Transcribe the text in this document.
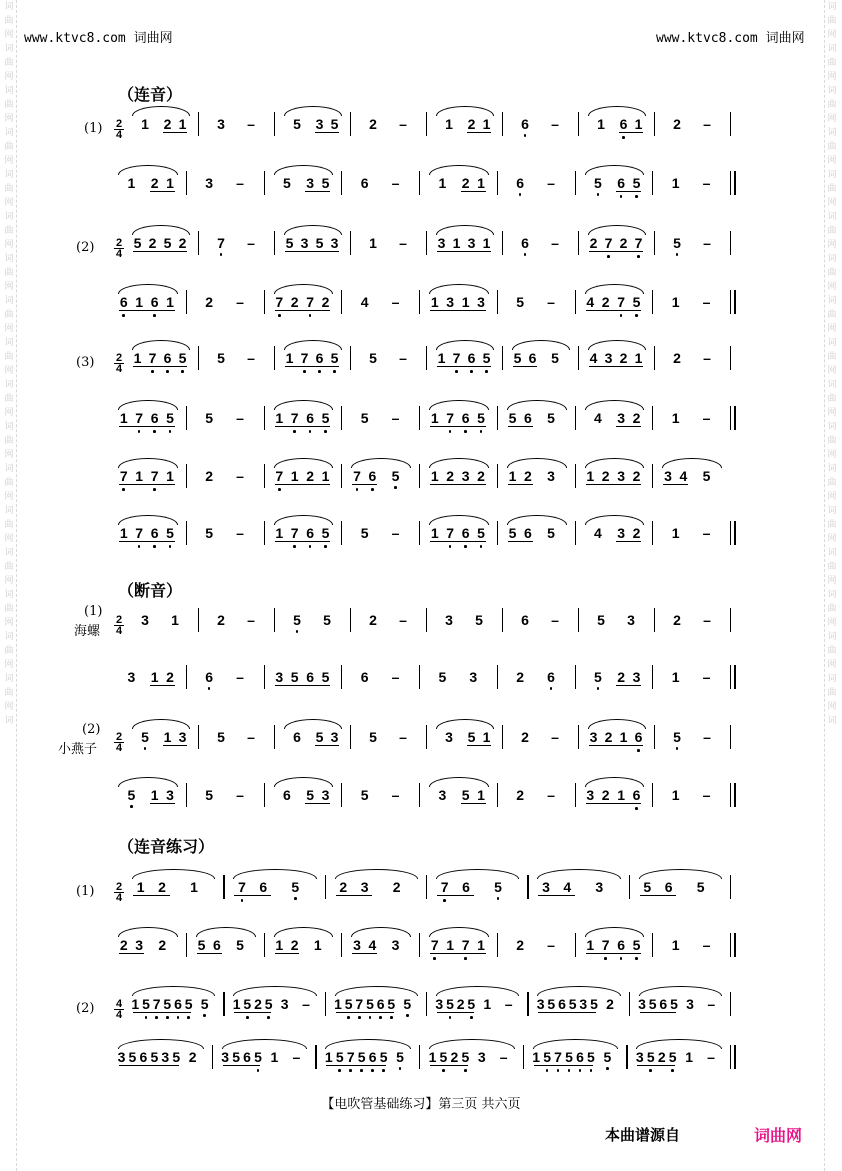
词
曲
网
词
曲
网
词
曲
网
词
曲
网
词
曲
网
词
曲
网
词
曲
网
词
曲
网
词
曲
网
词
曲
网
词
曲
网
词
曲
网
词
曲
网
词
曲
网
词
曲
网
词
曲
网
词
曲
网
词
词
曲
网
词
曲
网
词
曲
网
词
曲
网
词
曲
网
词
曲
网
词
曲
网
词
曲
网
词
曲
网
词
曲
网
词
曲
网
词
曲
网
词
曲
网
词
曲
网
词
曲
网
词
曲
网
词
曲
网
词
www.ktvc8.com 词曲网	www.ktvc8.com 词曲网
（连音）
（断音）
（连音练习）
(1)
(2)
(3)
(1)
海螺
(2)
小燕子
(1)
(2)
2
4
1 2 1 3 –	5 3 5 2 –	1 2 1 6 –	1 6 1 2 –
1 2 1 3 –	5 3 5 6 –	1 2 1 6 –	5 6 5 1 –
2
4
5 2 5 2 7 – 5 3 5 3 1 – 3 1 3 1 6 – 2 7 2 7 5 –
6 1 6 1 2 – 7 2 7 2 4 – 1 3 1 3 5 – 4 2 7 5 1 –
2
4
1 7 6 5 5 – 1 7 6 5 5 – 1 7 6 5 5 6 5 4 3 2 1 2 –
1 7 6 5 5 – 1 7 6 5 5 – 1 7 6 5 5 6 5	4 3 2 1 –
7 1 7 1 2 – 7 1 2 1 7 6 5 1 2 3 2 1 2 3 1 2 3 2 3 4 5
1 7 6 5 5 – 1 7 6 5 5 – 1 7 6 5 5 6 5	4 3 2 1 –
2
4
3 1	2 –	5 5	2 –	3 5	6 –	5 3	2 –
3 1 2 6 – 3 5 6 5 6 –	5 3	2 6	5 2 3 1 –
2
4
5 1 3 5 –	6 5 3 5 –	3 5 1 2 – 3 2 1 6 5 –
5 1 3 5 –	6 5 3 5 –	3 5 1 2 – 3 2 1 6 1 –
2
4
1 2 1	7 6 5	2 3 2	7 6 5	3 4 3	5 6 5
2 3 2 5 6 5 1 2 1 3 4 3 7 1 7 1 2 – 1 7 6 5 1 –
4
4
1 5 7 5 6 5 5 1 5 2 5 3 – 1 5 7 5 6 5 5 3 5 2 5 1 – 3 5 6 5 3 5 2 3 5 6 5 3 –
3 5 6 5 3 5 2 3 5 6 5 1 – 1 5 7 5 6 5 5 1 5 2 5 3 – 1 5 7 5 6 5 5 3 5 2 5 1 –
【电吹管基础练习】第三页 共六页
本曲谱源自	词曲网
